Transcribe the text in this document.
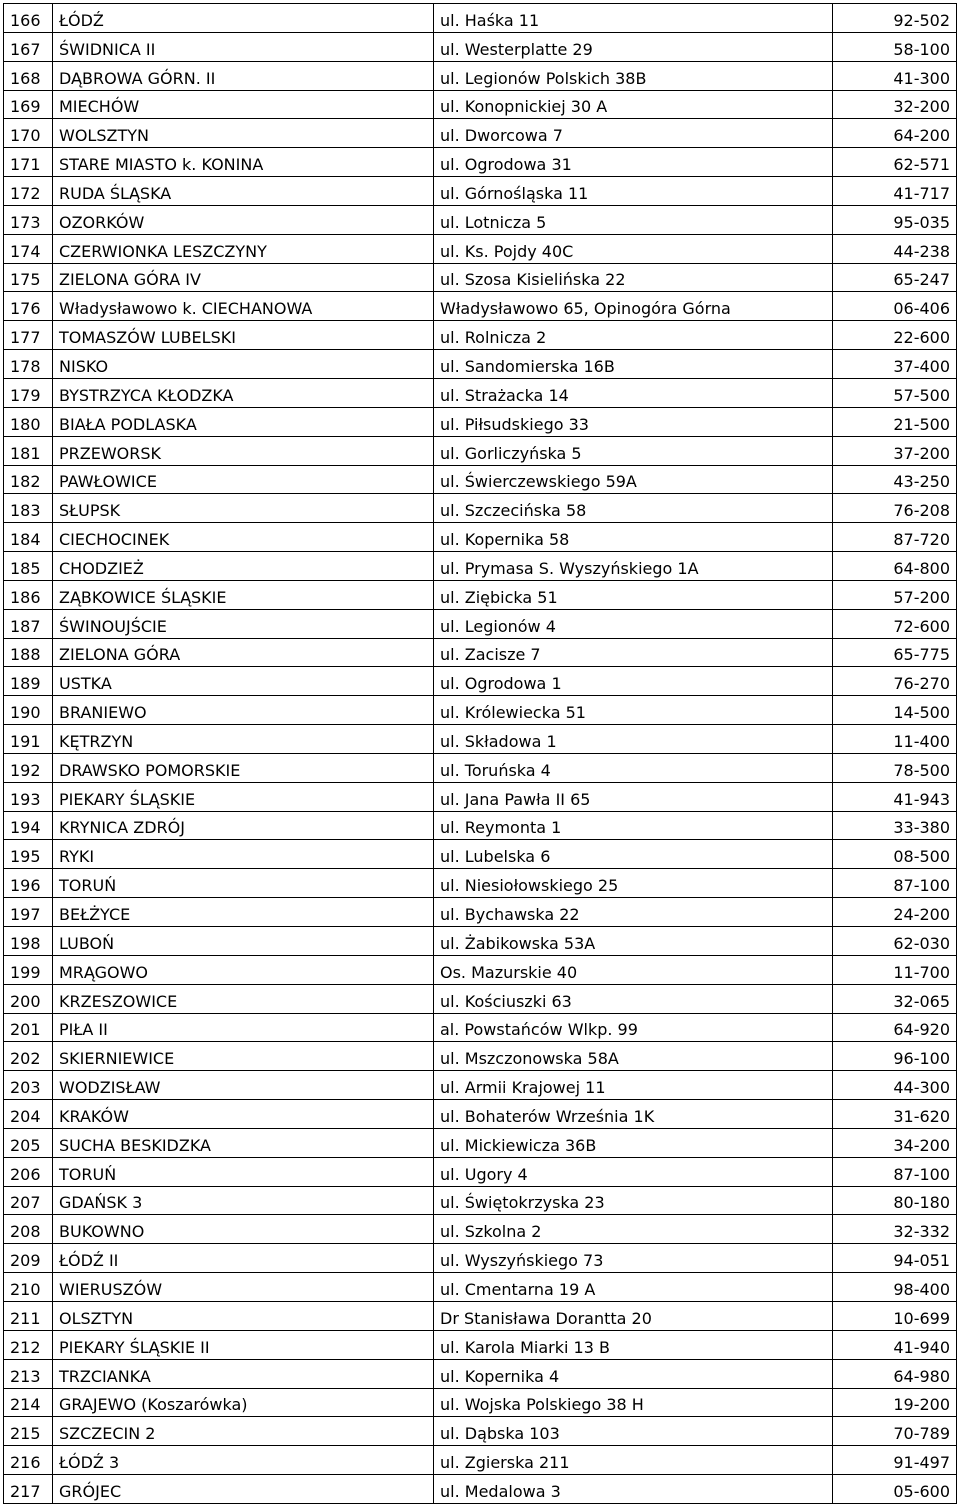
166	ŁÓDŹ	ul. Haśka 11	92-502
167	ŚWIDNICA II	ul. Westerplatte 29	58-100
168	DĄBROWA GÓRN. II	ul. Legionów Polskich 38B	41-300
169	MIECHÓW	ul. Konopnickiej 30 A	32-200
170	WOLSZTYN	ul. Dworcowa 7	64-200
171	STARE MIASTO k. KONINA	ul. Ogrodowa 31	62-571
172	RUDA ŚLĄSKA	ul. Górnośląska 11	41-717
173	OZORKÓW	ul. Lotnicza 5	95-035
174	CZERWIONKA LESZCZYNY	ul. Ks. Pojdy 40C	44-238
175	ZIELONA GÓRA IV	ul. Szosa Kisielińska 22	65-247
176	Władysławowo k. CIECHANOWA	Władysławowo 65, Opinogóra Górna	06-406
177	TOMASZÓW LUBELSKI	ul. Rolnicza 2	22-600
178	NISKO	ul. Sandomierska 16B	37-400
179	BYSTRZYCA KŁODZKA	ul. Strażacka 14	57-500
180	BIAŁA PODLASKA	ul. Piłsudskiego 33	21-500
181	PRZEWORSK	ul. Gorliczyńska 5	37-200
182	PAWŁOWICE	ul. Świerczewskiego 59A	43-250
183	SŁUPSK	ul. Szczecińska 58	76-208
184	CIECHOCINEK	ul. Kopernika 58	87-720
185	CHODZIEŻ	ul. Prymasa S. Wyszyńskiego 1A	64-800
186	ZĄBKOWICE ŚLĄSKIE	ul. Ziębicka 51	57-200
187	ŚWINOUJŚCIE	ul. Legionów 4	72-600
188	ZIELONA GÓRA	ul. Zacisze 7	65-775
189	USTKA	ul. Ogrodowa 1	76-270
190	BRANIEWO	ul. Królewiecka 51	14-500
191	KĘTRZYN	ul. Składowa 1	11-400
192	DRAWSKO POMORSKIE	ul. Toruńska 4	78-500
193	PIEKARY ŚLĄSKIE	ul. Jana Pawła II 65	41-943
194	KRYNICA ZDRÓJ	ul. Reymonta 1	33-380
195	RYKI	ul. Lubelska 6	08-500
196	TORUŃ	ul. Niesiołowskiego 25	87-100
197	BEŁŻYCE	ul. Bychawska 22	24-200
198	LUBOŃ	ul. Żabikowska 53A	62-030
199	MRĄGOWO	Os. Mazurskie 40	11-700
200	KRZESZOWICE	ul. Kościuszki 63	32-065
201	PIŁA II	al. Powstańców Wlkp. 99	64-920
202	SKIERNIEWICE	ul. Mszczonowska 58A	96-100
203	WODZISŁAW	ul. Armii Krajowej 11	44-300
204	KRAKÓW	ul. Bohaterów Września 1K	31-620
205	SUCHA BESKIDZKA	ul. Mickiewicza 36B	34-200
206	TORUŃ	ul. Ugory 4	87-100
207	GDAŃSK 3	ul. Świętokrzyska 23	80-180
208	BUKOWNO	ul. Szkolna 2	32-332
209	ŁÓDŹ II	ul. Wyszyńskiego 73	94-051
210	WIERUSZÓW	ul. Cmentarna 19 A	98-400
211	OLSZTYN	Dr Stanisława Dorantta 20	10-699
212	PIEKARY ŚLĄSKIE II	ul. Karola Miarki 13 B	41-940
213	TRZCIANKA	ul. Kopernika 4	64-980
214	GRAJEWO (Koszarówka)	ul. Wojska Polskiego 38 H	19-200
215	SZCZECIN 2	ul. Dąbska 103	70-789
216	ŁÓDŹ 3	ul. Zgierska 211	91-497
217	GRÓJEC	ul. Medalowa 3	05-600
